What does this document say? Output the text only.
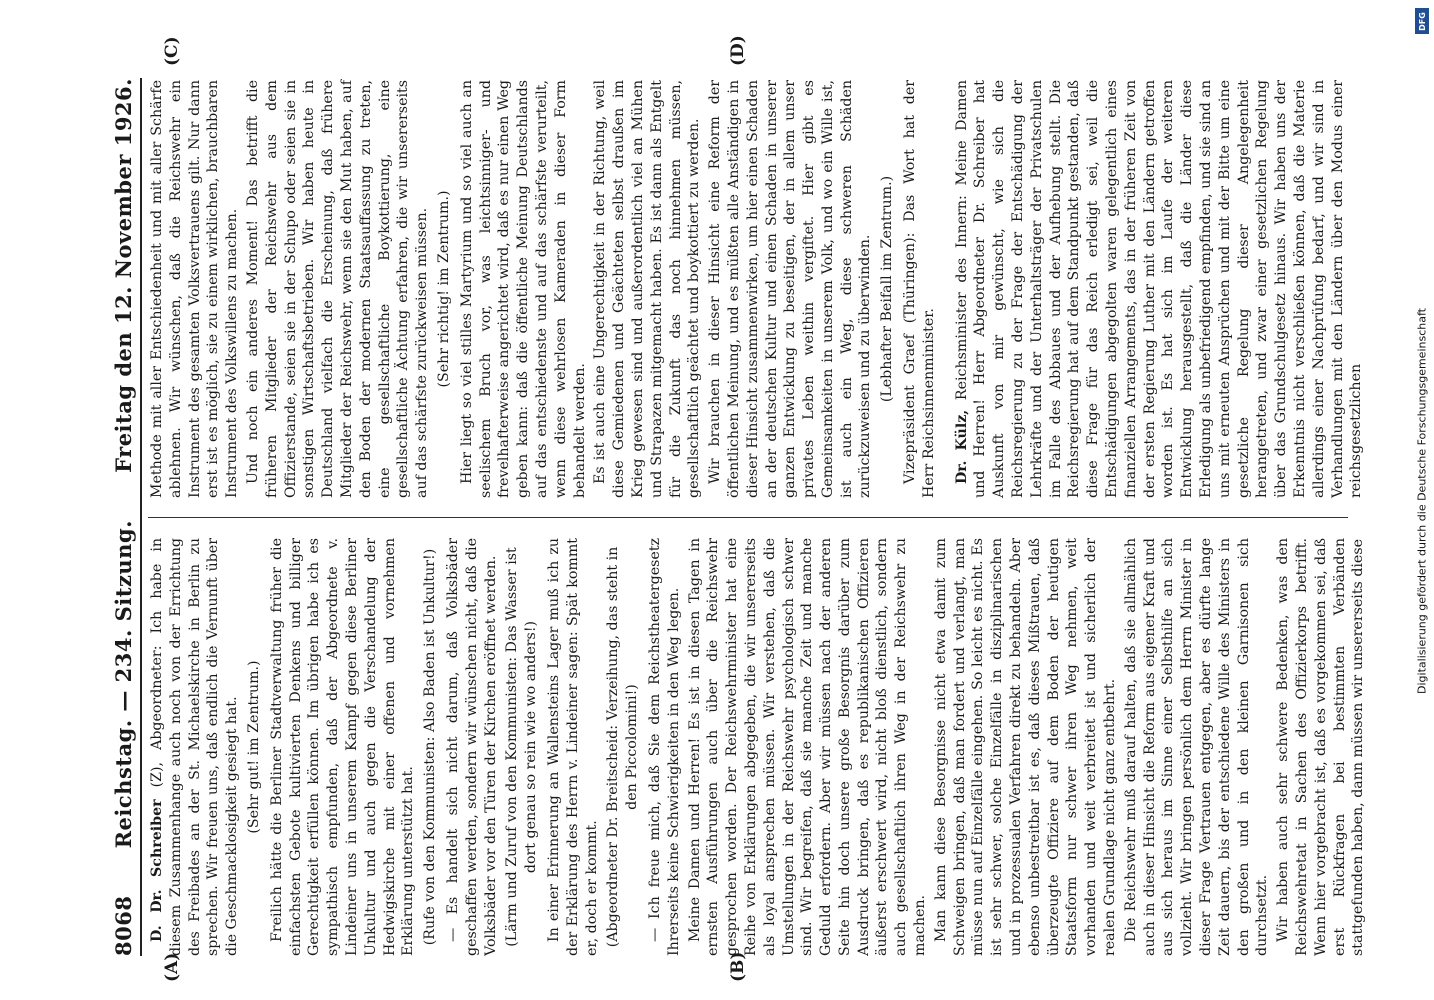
8068
Reichstag. — 234. Sitzung.
Freitag den 12. November 1926.
(A)	(B)
(C)	(D)

D. Dr. Schreiber (Z), Abgeordneter: Ich habe in diesem Zusammenhange auch noch von der Errichtung des Freibades an der St. Michaelskirche in Berlin zu sprechen. Wir freuen uns, daß endlich die Vernunft über die Geschmacklosigkeit gesiegt hat. (Sehr gut! im Zentrum.) Freilich hätte die Berliner Stadtverwaltung früher die einfachsten Gebote kultivierten Denkens und billiger Gerechtigkeit erfüllen können. Im übrigen habe ich es sympathisch empfunden, daß der Abgeordnete v. Lindeiner uns in unserem Kampf gegen diese Berliner Unkultur und auch gegen die Verschandelung der Hedwigskirche mit einer offenen und vornehmen Erklärung unterstützt hat. (Rufe von den Kommunisten: Also Baden ist Unkultur!) — Es handelt sich nicht darum, daß Volksbäder geschaffen werden, sondern wir wünschen nicht, daß die Volksbäder vor den Türen der Kirchen eröffnet werden. (Lärm und Zuruf von den Kommunisten: Das Wasser ist dort genau so rein wie wo anders!) In einer Erinnerung an Wallensteins Lager muß ich zu der Erklärung des Herrn v. Lindeiner sagen: Spät kommt er, doch er kommt. (Abgeordneter Dr. Breitscheid: Verzeihung, das steht in den Piccolomini!) — Ich freue mich, daß Sie dem Reichstheatergesetz Ihrerseits keine Schwierigkeiten in den Weg legen. Meine Damen und Herren! Es ist in diesen Tagen in ernsten Ausführungen auch über die Reichswehr gesprochen worden. Der Reichswehrminister hat eine Reihe von Erklärungen abgegeben, die wir unsererseits als loyal ansprechen müssen. Wir verstehen, daß die Umstellungen in der Reichswehr psychologisch schwer sind. Wir begreifen, daß sie manche Zeit und manche Geduld erfordern. Aber wir müssen nach der anderen Seite hin doch unsere große Besorgnis darüber zum Ausdruck bringen, daß es republikanischen Offizieren äußerst erschwert wird, nicht bloß dienstlich, sondern auch gesellschaftlich ihren Weg in der Reichswehr zu machen. Man kann diese Besorgnisse nicht etwa damit zum Schweigen bringen, daß man fordert und verlangt, man müsse nun auf Einzelfälle eingehen. So leicht es nicht. Es ist sehr schwer, solche Einzelfälle in disziplinarischen und in prozessualen Verfahren direkt zu behandeln. Aber ebenso unbestreitbar ist es, daß dieses Mißtrauen, daß überzeugte Offiziere auf dem Boden der heutigen Staatsform nur schwer ihren Weg nehmen, weit vorhanden und weit verbreitet ist und sicherlich der realen Grundlage nicht ganz entbehrt. Die Reichswehr muß darauf halten, daß sie allmählich auch in dieser Hinsicht die Reform aus eigener Kraft und aus sich heraus im Sinne einer Selbsthilfe an sich vollzieht. Wir bringen persönlich dem Herrn Minister in dieser Frage Vertrauen entgegen, aber es dürfte lange Zeit dauern, bis der entschiedene Wille des Ministers in den großen und in den kleinen Garnisonen sich durchsetzt. Wir haben auch sehr schwere Bedenken, was den Reichswehretat in Sachen des Offizierkorps betrifft. Wenn hier vorgebracht ist, daß es vorgekommen sei, daß erst Rückfragen bei bestimmten Verbänden stattgefunden haben, dann müssen wir unsererseits diese

Methode mit aller Entschiedenheit und mit aller Schärfe ablehnen. Wir wünschen, daß die Reichswehr ein Instrument des gesamten Volksvertrauens gilt. Nur dann erst ist es möglich, sie zu einem wirklichen, brauchbaren Instrument des Volkswillens zu machen. Und noch ein anderes Moment! Das betrifft die früheren Mitglieder der Reichswehr aus dem Offizierstande, seien sie in der Schupo oder seien sie in sonstigen Wirtschaftsbetrieben. Wir haben heute in Deutschland vielfach die Erscheinung, daß frühere Mitglieder der Reichswehr, wenn sie den Mut haben, auf den Boden der modernen Staatsauffassung zu treten, eine gesellschaftliche Boykottierung, eine gesellschaftliche Ächtung erfahren, die wir unsererseits auf das schärfste zurückweisen müssen. (Sehr richtig! im Zentrum.) Hier liegt so viel stilles Martyrium und so viel auch an seelischem Bruch vor, was leichtsinniger- und frevelhafterweise angerichtet wird, daß es nur einen Weg geben kann: daß die öffentliche Meinung Deutschlands auf das entschiedenste und auf das schärfste verurteilt, wenn diese wehrlosen Kameraden in dieser Form behandelt werden. Es ist auch eine Ungerechtigkeit in der Richtung, weil diese Gemiedenen und Geächteten selbst draußen im Krieg gewesen sind und außerordentlich viel an Mühen und Strapazen mitgemacht haben. Es ist dann als Entgelt für die Zukunft das noch hinnehmen müssen, gesellschaftlich geächtet und boykottiert zu werden. Wir brauchen in dieser Hinsicht eine Reform der öffentlichen Meinung, und es müßten alle Anständigen in dieser Hinsicht zusammenwirken, um hier einen Schaden an der deutschen Kultur und einen Schaden in unserer ganzen Entwicklung zu beseitigen, der in allem unser privates Leben weithin vergiftet. Hier gibt es Gemeinsamkeiten in unserem Volk, und wo ein Wille ist, ist auch ein Weg, diese schweren Schäden zurückzuweisen und zu überwinden. (Lebhafter Beifall im Zentrum.) Vizepräsident Graef (Thüringen): Das Wort hat der Herr Reichsinnenminister. Dr. Külz, Reichsminister des Innern: Meine Damen und Herren! Herr Abgeordneter Dr. Schreiber hat Auskunft von mir gewünscht, wie sich die Reichsregierung zu der Frage der Entschädigung der Lehrkräfte und der Unterhaltsträger der Privatschulen im Falle des Abbaues und der Aufhebung stellt. Die Reichsregierung hat auf dem Standpunkt gestanden, daß diese Frage für das Reich erledigt sei, weil die Entschädigungen abgegolten waren gelegentlich eines finanziellen Arrangements, das in der früheren Zeit von der ersten Regierung Luther mit den Ländern getroffen worden ist. Es hat sich im Laufe der weiteren Entwicklung herausgestellt, daß die Länder diese Erledigung als unbefriedigend empfinden, und sie sind an uns mit erneuten Ansprüchen und mit der Bitte um eine gesetzliche Regelung dieser Angelegenheit herangetreten, und zwar einer gesetzlichen Regelung über das Grundschulgesetz hinaus. Wir haben uns der Erkenntnis nicht verschließen können, daß die Materie allerdings einer Nachprüfung bedarf, und wir sind in Verhandlungen mit den Ländern über den Modus einer reichsgesetzlichen

DFG
Digitalisierung gefördert durch die Deutsche Forschungsgemeinschaft
